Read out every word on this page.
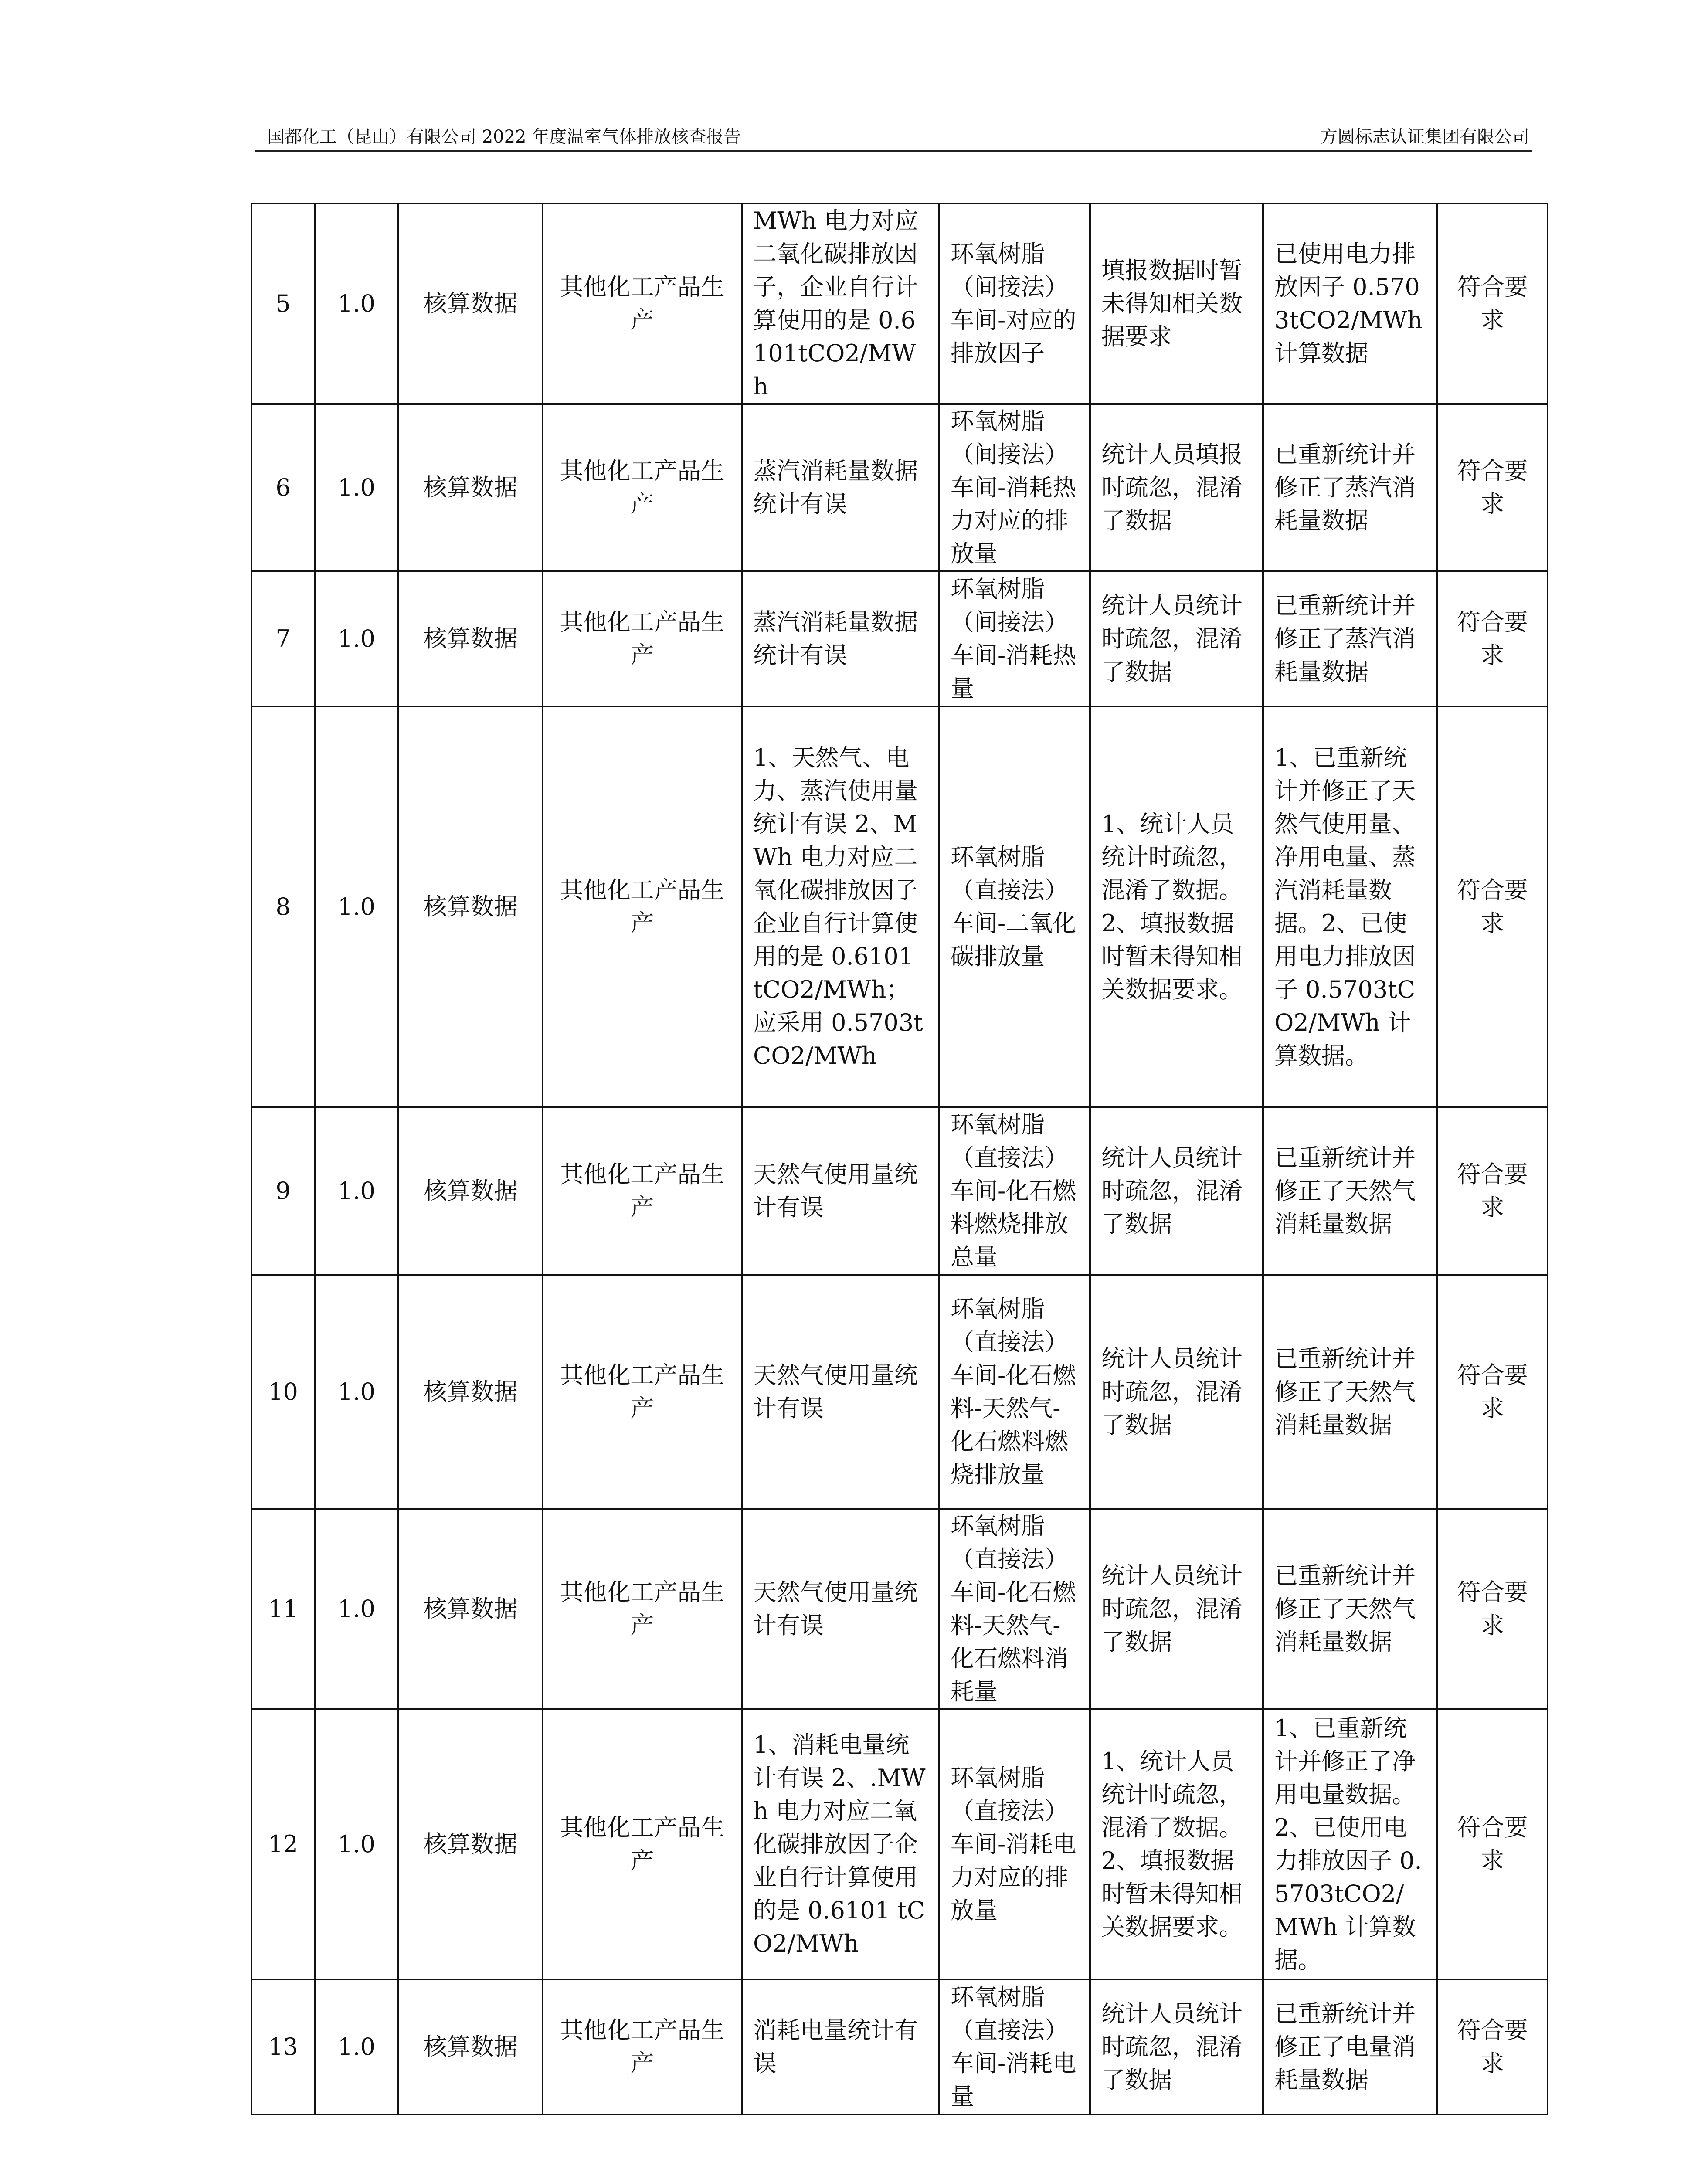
国都化工（昆山）有限公司 2022 年度温室气体排放核查报告	方圆标志认证集团有限公司
5	1.0	核算数据	其他化工产品生产	MWh 电力对应二氧化碳排放因子，企业自行计算使用的是 0.6101tCO2/MWh	环氧树脂（间接法）车间-对应的排放因子	填报数据时暂未得知相关数据要求	已使用电力排放因子 0.5703tCO2/MWh 计算数据	符合要求
6	1.0	核算数据	其他化工产品生产	蒸汽消耗量数据统计有误	环氧树脂（间接法）车间-消耗热力对应的排放量	统计人员填报时疏忽，混淆了数据	已重新统计并修正了蒸汽消耗量数据	符合要求
7	1.0	核算数据	其他化工产品生产	蒸汽消耗量数据统计有误	环氧树脂（间接法）车间-消耗热量	统计人员统计时疏忽，混淆了数据	已重新统计并修正了蒸汽消耗量数据	符合要求
8	1.0	核算数据	其他化工产品生产	1、天然气、电力、蒸汽使用量统计有误 2、MWh 电力对应二氧化碳排放因子企业自行计算使用的是 0.6101 tCO2/MWh；应采用 0.5703tCO2/MWh	环氧树脂（直接法）车间-二氧化碳排放量	1、统计人员统计时疏忽，混淆了数据。2、填报数据时暂未得知相关数据要求。	1、已重新统计并修正了天然气使用量、净用电量、蒸汽消耗量数据。2、已使用电力排放因子 0.5703tCO2/MWh 计算数据。	符合要求
9	1.0	核算数据	其他化工产品生产	天然气使用量统计有误	环氧树脂（直接法）车间-化石燃料燃烧排放总量	统计人员统计时疏忽，混淆了数据	已重新统计并修正了天然气消耗量数据	符合要求
10	1.0	核算数据	其他化工产品生产	天然气使用量统计有误	环氧树脂（直接法）车间-化石燃料-天然气-化石燃料燃烧排放量	统计人员统计时疏忽，混淆了数据	已重新统计并修正了天然气消耗量数据	符合要求
11	1.0	核算数据	其他化工产品生产	天然气使用量统计有误	环氧树脂（直接法）车间-化石燃料-天然气-化石燃料消耗量	统计人员统计时疏忽，混淆了数据	已重新统计并修正了天然气消耗量数据	符合要求
12	1.0	核算数据	其他化工产品生产	1、消耗电量统计有误 2、.MWh 电力对应二氧化碳排放因子企业自行计算使用的是 0.6101 tCO2/MWh	环氧树脂（直接法）车间-消耗电力对应的排放量	1、统计人员统计时疏忽，混淆了数据。2、填报数据时暂未得知相关数据要求。	1、已重新统计并修正了净用电量数据。2、已使用电力排放因子 0.5703tCO2/MWh 计算数据。	符合要求
13	1.0	核算数据	其他化工产品生产	消耗电量统计有误	环氧树脂（直接法）车间-消耗电量	统计人员统计时疏忽，混淆了数据	已重新统计并修正了电量消耗量数据	符合要求
